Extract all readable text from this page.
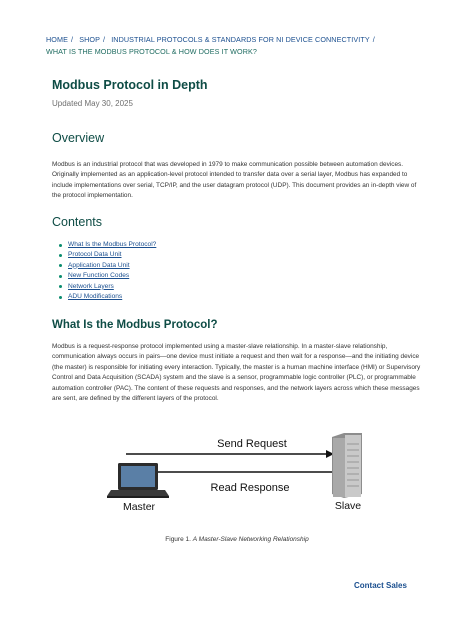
HOME / SHOP / INDUSTRIAL PROTOCOLS & STANDARDS FOR NI DEVICE CONNECTIVITY /
WHAT IS THE MODBUS PROTOCOL & HOW DOES IT WORK?
Modbus Protocol in Depth
Updated May 30, 2025
Overview

Modbus is an industrial protocol that was developed in 1979 to make communication possible between automation devices. Originally implemented as an application-level protocol intended to transfer data over a serial layer, Modbus has expanded to include implementations over serial, TCP/IP, and the user datagram protocol (UDP). This document provides an in-depth view of the protocol implementation.

Contents
What Is the Modbus Protocol?
Protocol Data Unit
Application Data Unit
New Function Codes
Network Layers
ADU Modifications
What Is the Modbus Protocol?

Modbus is a request-response protocol implemented using a master-slave relationship. In a master-slave relationship, communication always occurs in pairs—one device must initiate a request and then wait for a response—and the initiating device (the master) is responsible for initiating every interaction. Typically, the master is a human machine interface (HMI) or Supervisory Control and Data Acquisition (SCADA) system and the slave is a sensor, programmable logic controller (PLC), or programmable automation controller (PAC). The content of these requests and responses, and the network layers across which these messages are sent, are defined by the different layers of the protocol.

Send Request
Read Response
Master	Slave
Figure 1. A Master-Slave Networking Relationship
Contact Sales
